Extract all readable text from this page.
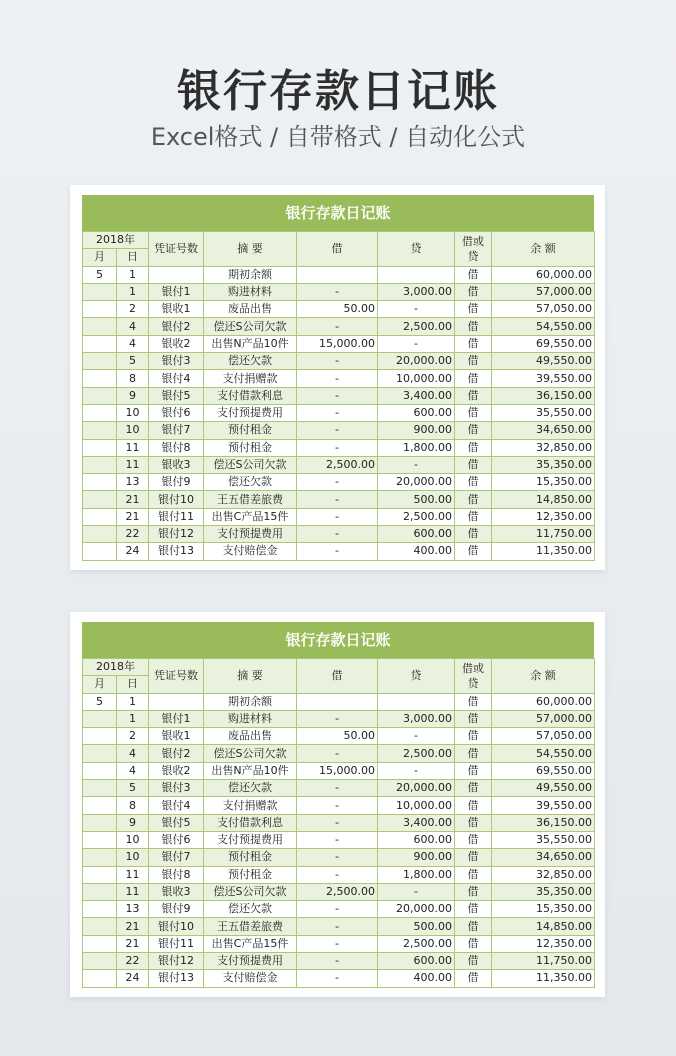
银行存款日记账
Excel格式 / 自带格式 / 自动化公式
银行存款日记账
2018年		凭证号数	摘 要	借	贷	借或贷	余 额
月	日						
5	1		期初余额			借	60,000.00
	1	银付1	购进材料	-	3,000.00	借	57,000.00
	2	银收1	废品出售	50.00	-	借	57,050.00
	4	银付2	偿还S公司欠款	-	2,500.00	借	54,550.00
	4	银收2	出售N产品10件	15,000.00	-	借	69,550.00
	5	银付3	偿还欠款	-	20,000.00	借	49,550.00
	8	银付4	支付捐赠款	-	10,000.00	借	39,550.00
	9	银付5	支付借款利息	-	3,400.00	借	36,150.00
	10	银付6	支付预提费用	-	600.00	借	35,550.00
	10	银付7	预付租金	-	900.00	借	34,650.00
	11	银付8	预付租金	-	1,800.00	借	32,850.00
	11	银收3	偿还S公司欠款	2,500.00	-	借	35,350.00
	13	银付9	偿还欠款	-	20,000.00	借	15,350.00
	21	银付10	王五借差旅费	-	500.00	借	14,850.00
	21	银付11	出售C产品15件	-	2,500.00	借	12,350.00
	22	银付12	支付预提费用	-	600.00	借	11,750.00
	24	银付13	支付赔偿金	-	400.00	借	11,350.00
银行存款日记账
2018年		凭证号数	摘 要	借	贷	借或贷	余 额
月	日						
5	1		期初余额			借	60,000.00
	1	银付1	购进材料	-	3,000.00	借	57,000.00
	2	银收1	废品出售	50.00	-	借	57,050.00
	4	银付2	偿还S公司欠款	-	2,500.00	借	54,550.00
	4	银收2	出售N产品10件	15,000.00	-	借	69,550.00
	5	银付3	偿还欠款	-	20,000.00	借	49,550.00
	8	银付4	支付捐赠款	-	10,000.00	借	39,550.00
	9	银付5	支付借款利息	-	3,400.00	借	36,150.00
	10	银付6	支付预提费用	-	600.00	借	35,550.00
	10	银付7	预付租金	-	900.00	借	34,650.00
	11	银付8	预付租金	-	1,800.00	借	32,850.00
	11	银收3	偿还S公司欠款	2,500.00	-	借	35,350.00
	13	银付9	偿还欠款	-	20,000.00	借	15,350.00
	21	银付10	王五借差旅费	-	500.00	借	14,850.00
	21	银付11	出售C产品15件	-	2,500.00	借	12,350.00
	22	银付12	支付预提费用	-	600.00	借	11,750.00
	24	银付13	支付赔偿金	-	400.00	借	11,350.00
